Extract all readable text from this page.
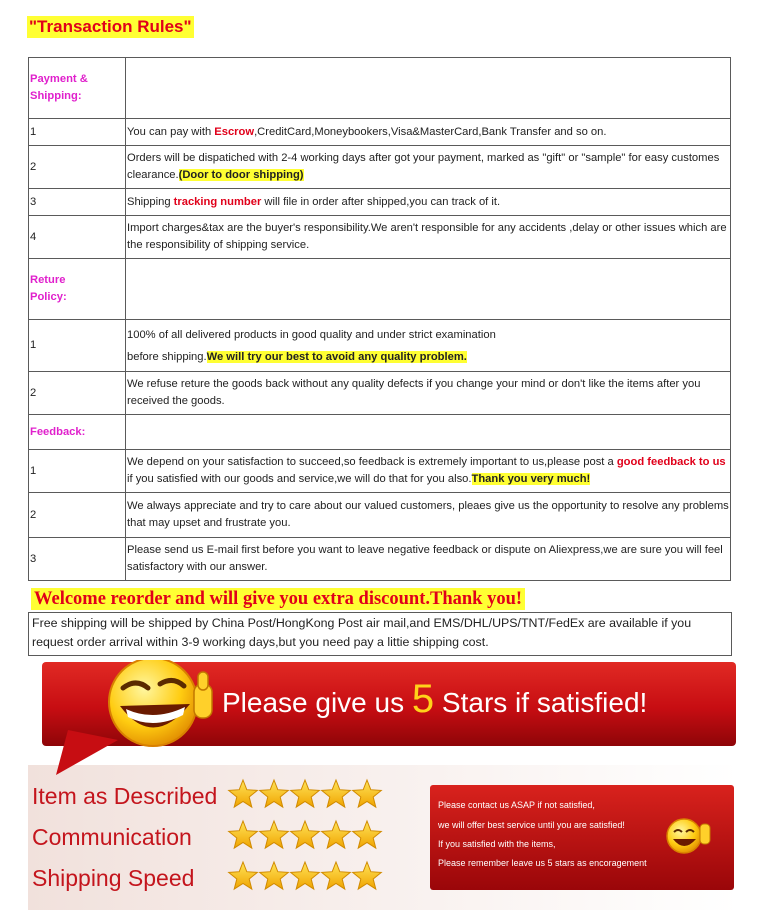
"Transaction Rules"
Payment &
Shipping:	
1	You can pay with Escrow,CreditCard,Moneybookers,Visa&MasterCard,Bank Transfer and so on.
2	Orders will be dispatiched with 2-4 working days after got your payment, marked as "gift" or "sample" for easy customes clearance.(Door to door shipping)
3	Shipping tracking number will file in order after shipped,you can track of it.
4	Import charges&tax are the buyer's responsibility.We aren't responsible for any accidents ,delay or other issues which are the responsibility of shipping service.
Reture
Policy:	
1	100% of all delivered products in good quality and under strict examination
before shipping.We will try our best to avoid any quality problem.
2	We refuse reture the goods back without any quality defects if you change your mind or don't like the items after you received the goods.
Feedback:	
1	We depend on your satisfaction to succeed,so feedback is extremely important to us,please post a good feedback to us if you satisfied with our goods and service,we will do that for you also.Thank you very much!
2	We always appreciate and try to care about our valued customers, pleaes give us the opportunity to resolve any problems that may upset and frustrate you.
3	Please send us E-mail first before you want to leave negative feedback or dispute on Aliexpress,we are sure you will feel satisfactory with our answer.
Welcome reorder and will give you extra discount.Thank you!
Free shipping will be shipped by China Post/HongKong Post air mail,and EMS/DHL/UPS/TNT/FedEx are available if you request order arrival within 3-9 working days,but you need pay a littie shipping cost.
Please give us 5 Stars if satisfied!
Item as Described
Communication
Shipping Speed
Please contact us ASAP if not satisfied,
we will offer best service until you are satisfied!
If you satisfied with the items,
Please remember leave us 5 stars as encoragement
